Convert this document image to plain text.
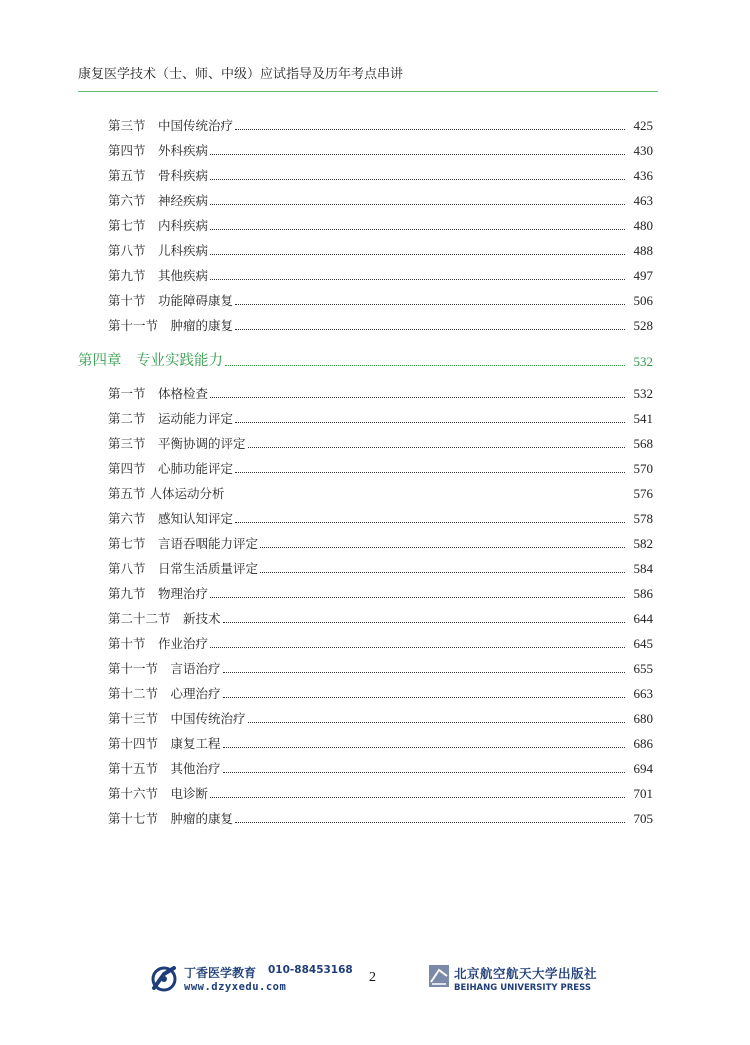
康复医学技术（士、师、中级）应试指导及历年考点串讲
第三节　中国传统治疗	425
第四节　外科疾病	430
第五节　骨科疾病	436
第六节　神经疾病	463
第七节　内科疾病	480
第八节　儿科疾病	488
第九节　其他疾病	497
第十节　功能障碍康复	506
第十一节　肿瘤的康复	528
第四章　专业实践能力	532
第一节　体格检查	532
第二节　运动能力评定	541
第三节　平衡协调的评定	568
第四节　心肺功能评定	570
第五节 人体运动分析	576
第六节　感知认知评定	578
第七节　言语吞咽能力评定	582
第八节　日常生活质量评定	584
第九节　物理治疗	586
第二十二节　新技术	644
第十节　作业治疗	645
第十一节　言语治疗	655
第十二节　心理治疗	663
第十三节　中国传统治疗	680
第十四节　康复工程	686
第十五节　其他治疗	694
第十六节　电诊断	701
第十七节　肿瘤的康复	705
丁香医学教育 010-88453168
www.dzyxedu.com
2	北京航空航天大学出版社
BEIHANG UNIVERSITY PRESS
